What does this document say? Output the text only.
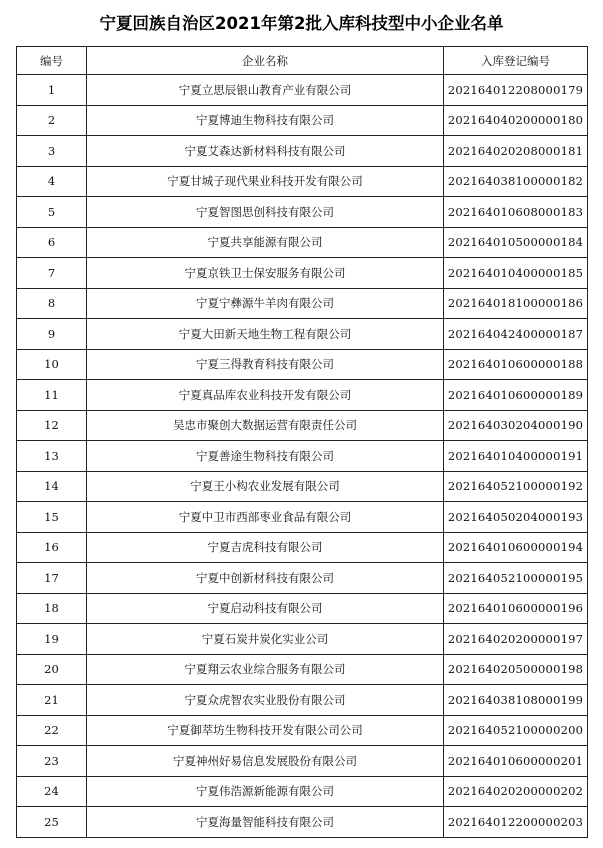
宁夏回族自治区2021年第2批入库科技型中小企业名单
编号	企业名称	入库登记编号
1	宁夏立思辰银山教育产业有限公司	202164012208000179
2	宁夏博迪生物科技有限公司	202164040200000180
3	宁夏艾森达新材料科技有限公司	202164020208000181
4	宁夏甘城子现代果业科技开发有限公司	202164038100000182
5	宁夏智图思创科技有限公司	202164010608000183
6	宁夏共享能源有限公司	202164010500000184
7	宁夏京铁卫士保安服务有限公司	202164010400000185
8	宁夏宁彝源牛羊肉有限公司	202164018100000186
9	宁夏大田新天地生物工程有限公司	202164042400000187
10	宁夏三得教育科技有限公司	202164010600000188
11	宁夏真品库农业科技开发有限公司	202164010600000189
12	吴忠市聚创大数据运营有限责任公司	202164030204000190
13	宁夏善途生物科技有限公司	202164010400000191
14	宁夏王小构农业发展有限公司	202164052100000192
15	宁夏中卫市西部枣业食品有限公司	202164050204000193
16	宁夏吉虎科技有限公司	202164010600000194
17	宁夏中创新材科技有限公司	202164052100000195
18	宁夏启动科技有限公司	202164010600000196
19	宁夏石炭井炭化实业公司	202164020200000197
20	宁夏翔云农业综合服务有限公司	202164020500000198
21	宁夏众虎智农实业股份有限公司	202164038108000199
22	宁夏御萃坊生物科技开发有限公司公司	202164052100000200
23	宁夏神州好易信息发展股份有限公司	202164010600000201
24	宁夏伟浩源新能源有限公司	202164020200000202
25	宁夏海量智能科技有限公司	202164012200000203
